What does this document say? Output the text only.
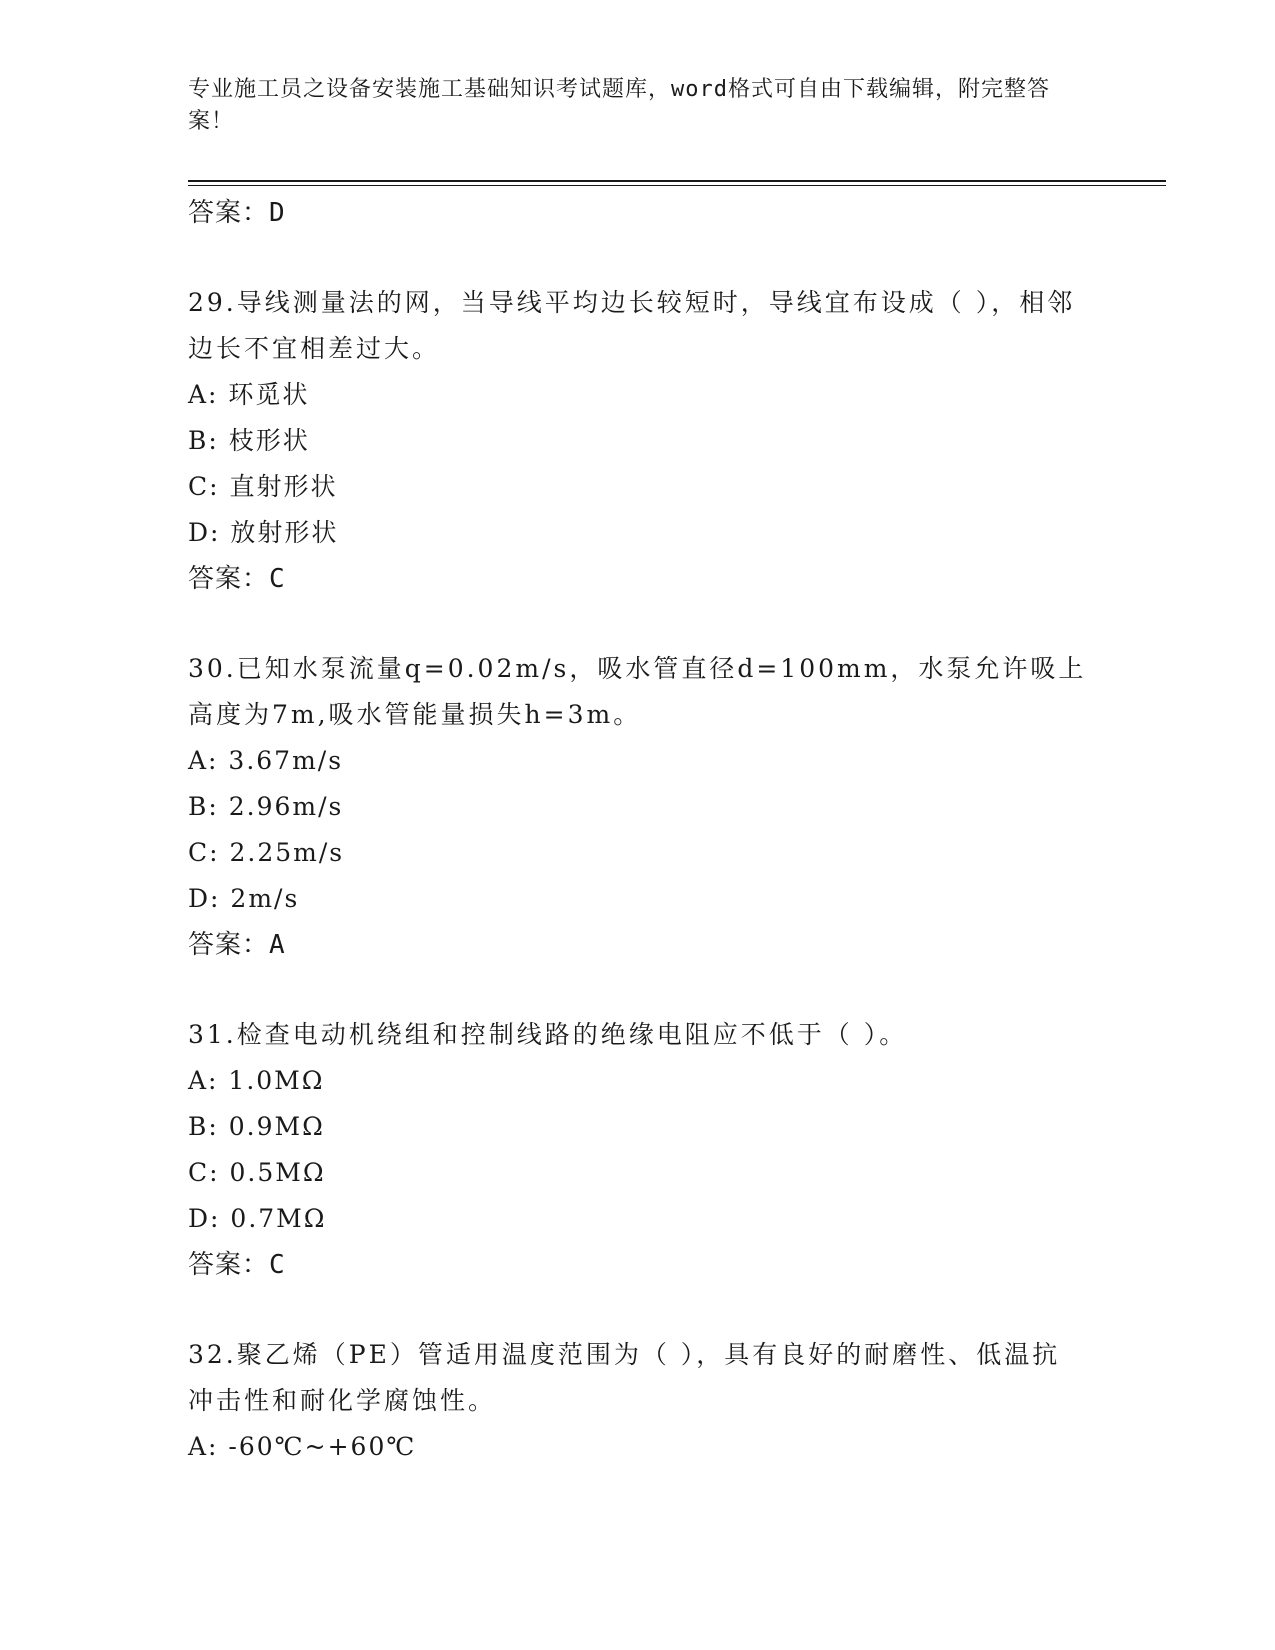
专业施工员之设备安装施工基础知识考试题库，word格式可自由下载编辑，附完整答案！
答案：D
29.导线测量法的网，当导线平均边长较短时，导线宜布设成（ ），相邻边长不宜相差过大。
A: 环觅状
B: 枝形状
C: 直射形状
D: 放射形状
答案：C
30.已知水泵流量q=0.02m/s，吸水管直径d=100mm，水泵允许吸上高度为7m,吸水管能量损失h=3m。
A: 3.67m/s
B: 2.96m/s
C: 2.25m/s
D: 2m/s
答案：A
31.检查电动机绕组和控制线路的绝缘电阻应不低于（ ）。
A: 1.0MΩ
B: 0.9MΩ
C: 0.5MΩ
D: 0.7MΩ
答案：C
32.聚乙烯（PE）管适用温度范围为（ ），具有良好的耐磨性、低温抗冲击性和耐化学腐蚀性。
A: -60℃~+60℃
